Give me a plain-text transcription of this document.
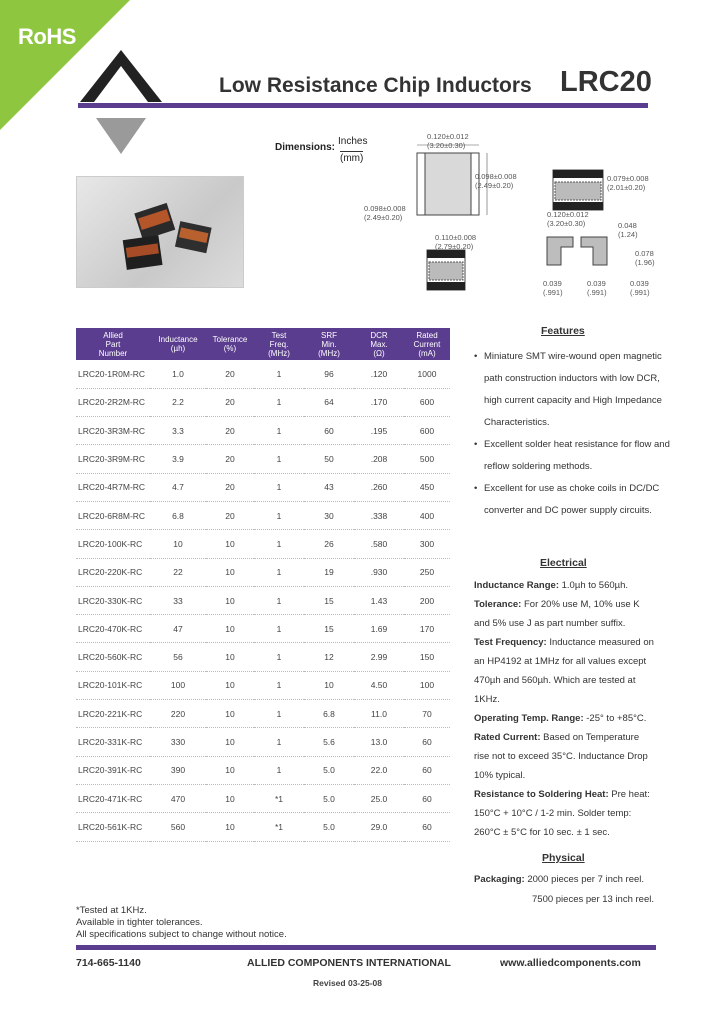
RoHS
Low Resistance Chip Inductors LRC20
Dimensions:
Inches
(mm)
0.120±0.012
(3.20±0.30)
0.098±0.008
(2.49±0.20)
0.098±0.008
(2.49±0.20)
0.079±0.008
(2.01±0.20)
0.110±0.008
(2.79±0.20)
0.120±0.012
(3.20±0.30)	0.048
(1.24)
0.078
(1.96)
0.039
(.991)
0.039
(.991)
0.039
(.991)
Allied
Part
Number	Inductance
(µh)	Tolerance
(%)	Test
Freq.
(MHz)	SRF
Min.
(MHz)	DCR
Max.
(Ω)	Rated
Current
(mA)
LRC20-1R0M-RC	1.0	20	1	96	.120	1000
LRC20-2R2M-RC	2.2	20	1	64	.170	600
LRC20-3R3M-RC	3.3	20	1	60	.195	600
LRC20-3R9M-RC	3.9	20	1	50	.208	500
LRC20-4R7M-RC	4.7	20	1	43	.260	450
LRC20-6R8M-RC	6.8	20	1	30	.338	400
LRC20-100K-RC	10	10	1	26	.580	300
LRC20-220K-RC	22	10	1	19	.930	250
LRC20-330K-RC	33	10	1	15	1.43	200
LRC20-470K-RC	47	10	1	15	1.69	170
LRC20-560K-RC	56	10	1	12	2.99	150
LRC20-101K-RC	100	10	1	10	4.50	100
LRC20-221K-RC	220	10	1	6.8	11.0	70
LRC20-331K-RC	330	10	1	5.6	13.0	60
LRC20-391K-RC	390	10	1	5.0	22.0	60
LRC20-471K-RC	470	10	*1	5.0	25.0	60
LRC20-561K-RC	560	10	*1	5.0	29.0	60
*Tested at 1KHz.
Available in tighter tolerances.
All specifications subject to change without notice.
Features
• Miniature SMT wire-wound open magnetic path construction inductors with low DCR, high current capacity and High Impedance Characteristics.
• Excellent solder heat resistance for flow and reflow soldering methods.
• Excellent for use as choke coils in DC/DC converter and DC power supply circuits.
Electrical

Inductance Range: 1.0µh to 560µh.

Tolerance: For 20% use M, 10% use K and 5% use J as part number suffix.

Test Frequency: Inductance measured on an HP4192 at 1MHz for all values except 470µh and 560µh. Which are tested at 1KHz.

Operating Temp. Range: -25° to +85°C.

Rated Current: Based on Temperature rise not to exceed 35°C. Inductance Drop 10% typical.

Resistance to Soldering Heat: Pre heat: 150°C + 10°C / 1-2 min. Solder temp: 260°C ± 5°C for 10 sec. ± 1 sec.

Physical
Packaging: 2000 pieces per 7 inch reel.
7500 pieces per 13 inch reel.
714-665-1140	ALLIED COMPONENTS INTERNATIONAL	www.alliedcomponents.com
Revised 03-25-08
